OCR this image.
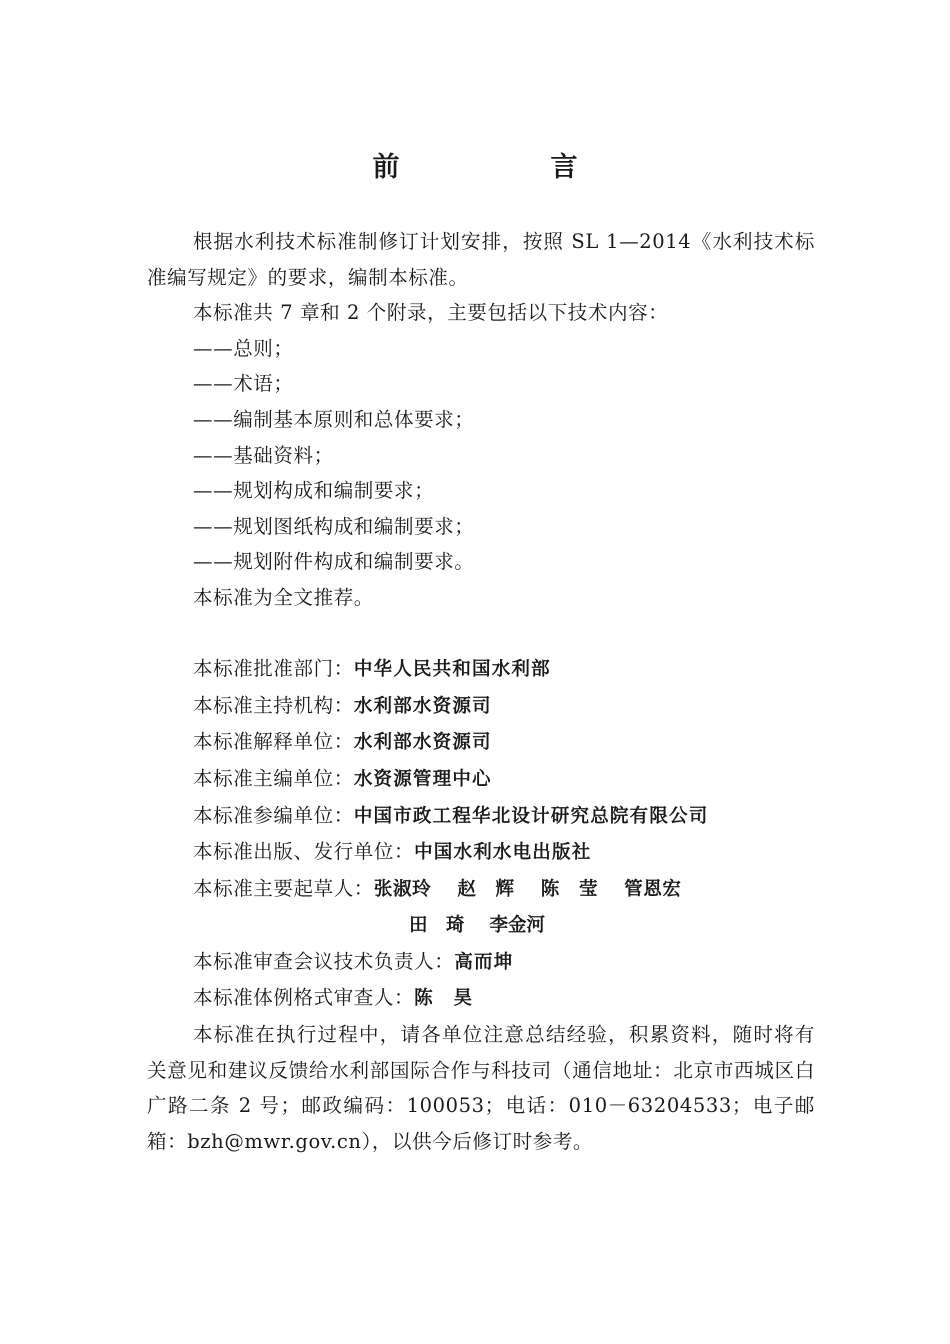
前　言

根据水利技术标准制修订计划安排，按照 SL 1—2014《水利技术标准编写规定》的要求，编制本标准。

本标准共 7 章和 2 个附录，主要包括以下技术内容：

——总则；

——术语；

——编制基本原则和总体要求；

——基础资料；

——规划构成和编制要求；

——规划图纸构成和编制要求；

——规划附件构成和编制要求。

本标准为全文推荐。

本标准批准部门：中华人民共和国水利部

本标准主持机构：水利部水资源司

本标准解释单位：水利部水资源司

本标准主编单位：水资源管理中心

本标准参编单位：中国市政工程华北设计研究总院有限公司

本标准出版、发行单位：中国水利水电出版社

本标准主要起草人：张淑玲　 赵　辉　 陈　莹　 管恩宏

田　琦　 李金河

本标准审查会议技术负责人：高而坤

本标准体例格式审查人：陈　昊

本标准在执行过程中，请各单位注意总结经验，积累资料，随时将有关意见和建议反馈给水利部国际合作与科技司（通信地址：北京市西城区白广路二条 2 号；邮政编码：100053；电话：010－63204533；电子邮箱：bzh@mwr.gov.cn），以供今后修订时参考。
